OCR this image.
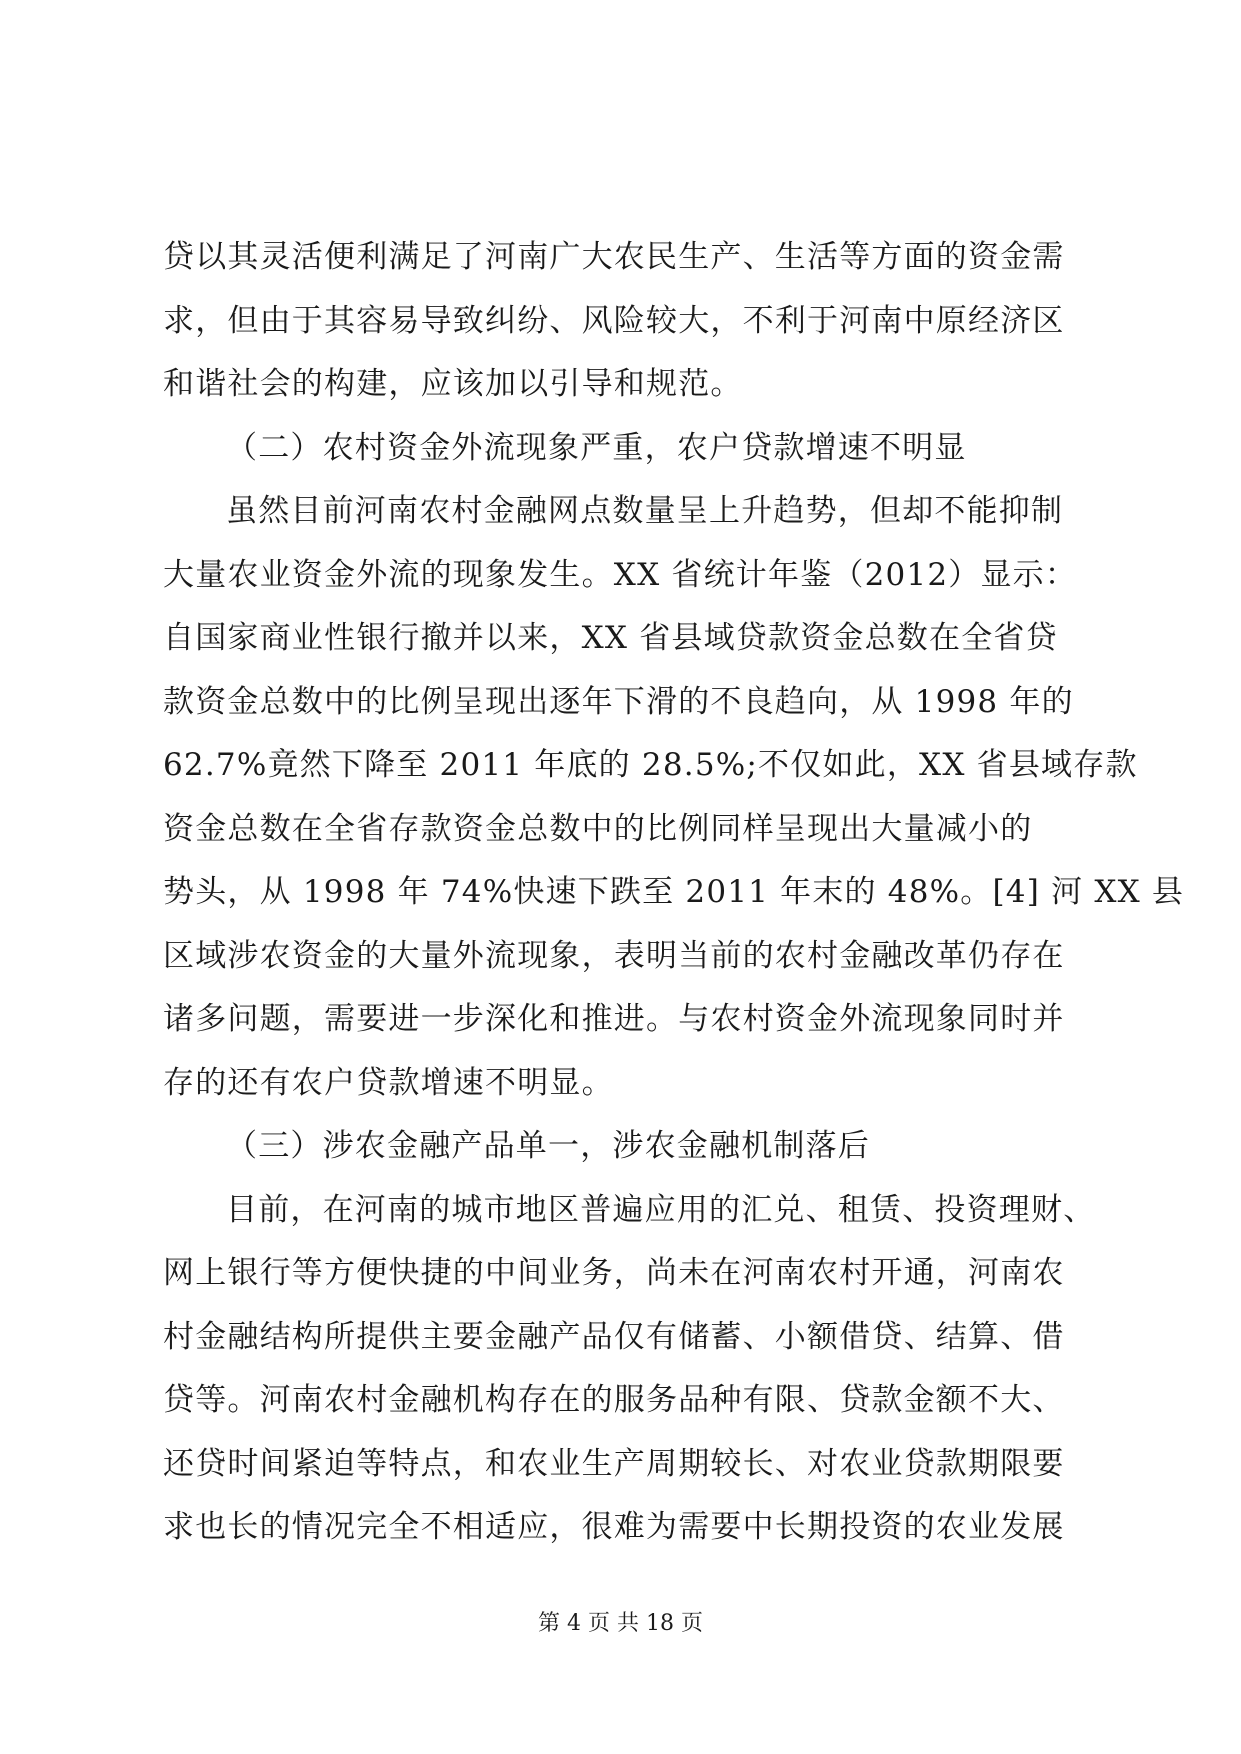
贷以其灵活便利满足了河南广大农民生产、生活等方面的资金需
求，但由于其容易导致纠纷、风险较大，不利于河南中原经济区
和谐社会的构建，应该加以引导和规范。
（二）农村资金外流现象严重，农户贷款增速不明显
虽然目前河南农村金融网点数量呈上升趋势，但却不能抑制
大量农业资金外流的现象发生。XX 省统计年鉴（2012）显示：
自国家商业性银行撤并以来，XX 省县域贷款资金总数在全省贷
款资金总数中的比例呈现出逐年下滑的不良趋向，从 1998 年的
62.7%竟然下降至 2011 年底的 28.5%;不仅如此，XX 省县域存款
资金总数在全省存款资金总数中的比例同样呈现出大量减小的
势头，从 1998 年 74%快速下跌至 2011 年末的 48%。[4] 河 XX 县
区域涉农资金的大量外流现象，表明当前的农村金融改革仍存在
诸多问题，需要进一步深化和推进。与农村资金外流现象同时并
存的还有农户贷款增速不明显。
（三）涉农金融产品单一，涉农金融机制落后
目前，在河南的城市地区普遍应用的汇兑、租赁、投资理财、
网上银行等方便快捷的中间业务，尚未在河南农村开通，河南农
村金融结构所提供主要金融产品仅有储蓄、小额借贷、结算、借
贷等。河南农村金融机构存在的服务品种有限、贷款金额不大、
还贷时间紧迫等特点，和农业生产周期较长、对农业贷款期限要
求也长的情况完全不相适应，很难为需要中长期投资的农业发展
第 4 页 共 18 页
